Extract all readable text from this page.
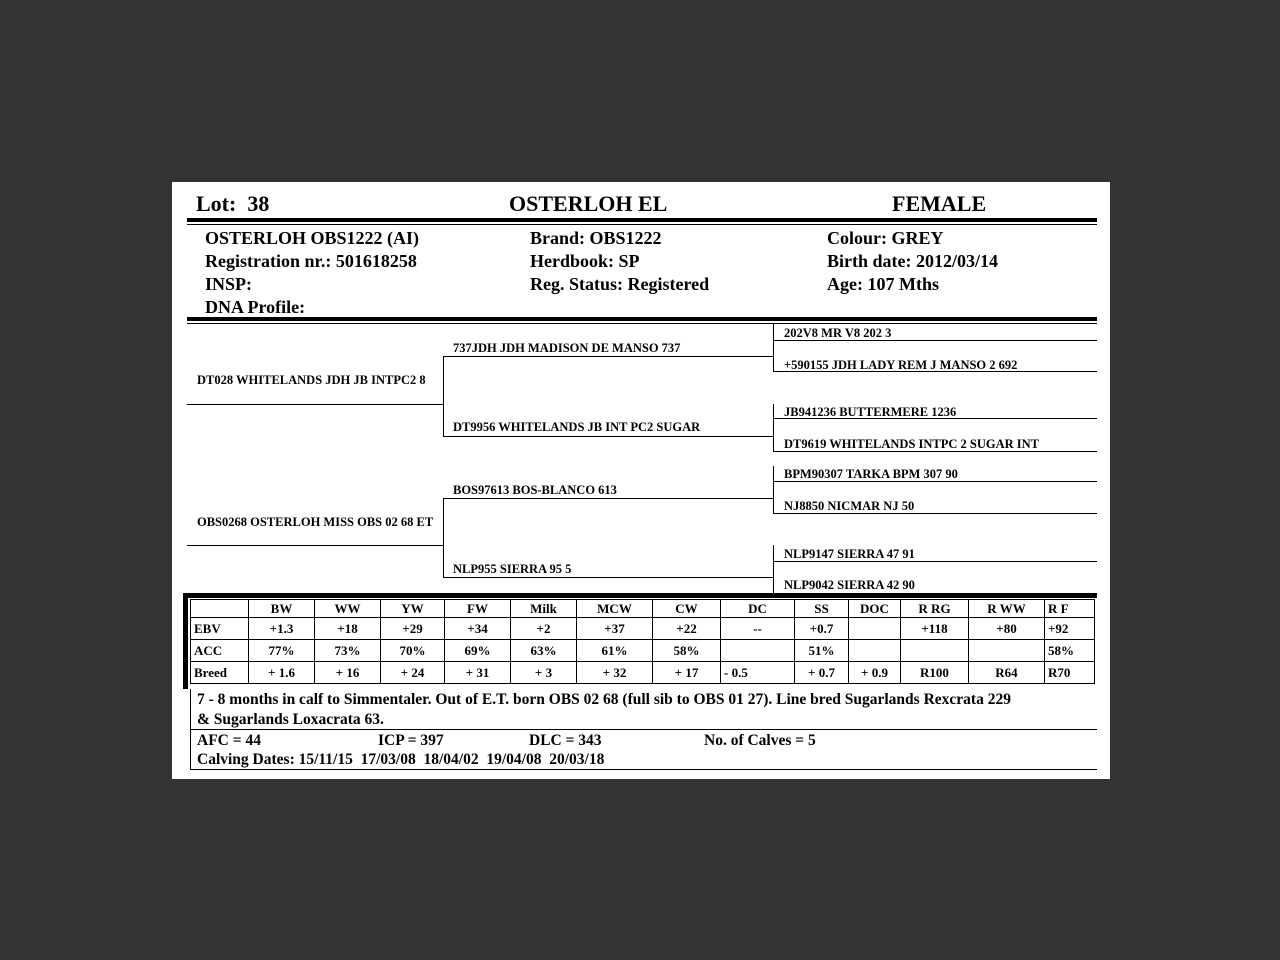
Lot: 38	OSTERLOH EL	FEMALE
OSTERLOH OBS1222 (AI)
Registration nr.: 501618258
INSP:
DNA Profile:
Brand: OBS1222
Herdbook: SP
Reg. Status: Registered
Colour: GREY
Birth date: 2012/03/14
Age: 107 Mths
DT028 WHITELANDS JDH JB INTPC2 8
OBS0268 OSTERLOH MISS OBS 02 68 ET
737JDH JDH MADISON DE MANSO 737
DT9956 WHITELANDS JB INT PC2 SUGAR
BOS97613 BOS-BLANCO 613
NLP955 SIERRA 95 5
202V8 MR V8 202 3
+590155 JDH LADY REM J MANSO 2 692
JB941236 BUTTERMERE 1236
DT9619 WHITELANDS INTPC 2 SUGAR INT
BPM90307 TARKA BPM 307 90
NJ8850 NICMAR NJ 50
NLP9147 SIERRA 47 91
NLP9042 SIERRA 42 90
	BW	WW	YW	FW	Milk	MCW	CW	DC	SS	DOC	R RG	R WW	R F
EBV	+1.3	+18	+29	+34	+2	+37	+22	--	+0.7		+118	+80	+92
ACC	77%	73%	70%	69%	63%	61%	58%		51%				58%
Breed	+ 1.6	+ 16	+ 24	+ 31	+ 3	+ 32	+ 17	- 0.5	+ 0.7	+ 0.9	R100	R64	R70
7 - 8 months in calf to Simmentaler. Out of E.T. born OBS 02 68 (full sib to OBS 01 27). Line bred Sugarlands Rexcrata 229
& Sugarlands Loxacrata 63.
AFC = 44	ICP = 397	DLC = 343	No. of Calves = 5
Calving Dates: 15/11/15  17/03/08  18/04/02  19/04/08  20/03/18
